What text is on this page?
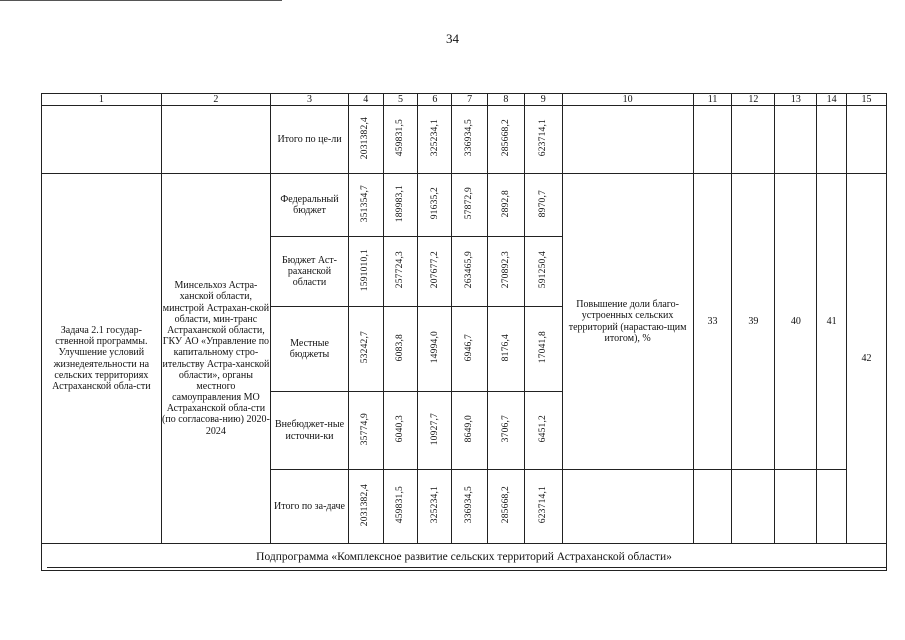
34
1	2	3	4	5	6	7	8	9	10	11	12	13	14	15
		Итого по це-ли	2031382,4	459831,5	325234,1	336934,5	285668,2	623714,1						
Задача 2.1 государ-ственной программы. Улучшение условий жизнедеятельности на сельских территориях Астраханской обла-сти	Минсельхоз Астра-ханской области, минстрой Астрахан-ской области, мин-транс Астраханской области, ГКУ АО «Управление по капитальному стро-ительству Астра-ханской области», органы местного самоуправления МО Астраханской обла-сти (по согласова-нию) 2020-2024	Федеральный бюджет	351354,7	189983,1	91635,2	57872,9	2892,8	8970,7	Повышение доли благо-устроенных сельских территорий (нарастаю-щим итогом), %	33	39	40	41	42
		Бюджет Аст-раханской области	1591010,1	257724,3	207677,2	263465,9	270892,3	591250,4						
		Местные бюджеты	53242,7	6083,8	14994,0	6946,7	8176,4	17041,8						
		Внебюджет-ные источни-ки	35774,9	6040,3	10927,7	8649,0	3706,7	6451,2						
		Итого по за-даче	2031382,4	459831,5	325234,1	336934,5	285668,2	623714,1						
Подпрограмма «Комплексное развитие сельских территорий Астраханской области»														
